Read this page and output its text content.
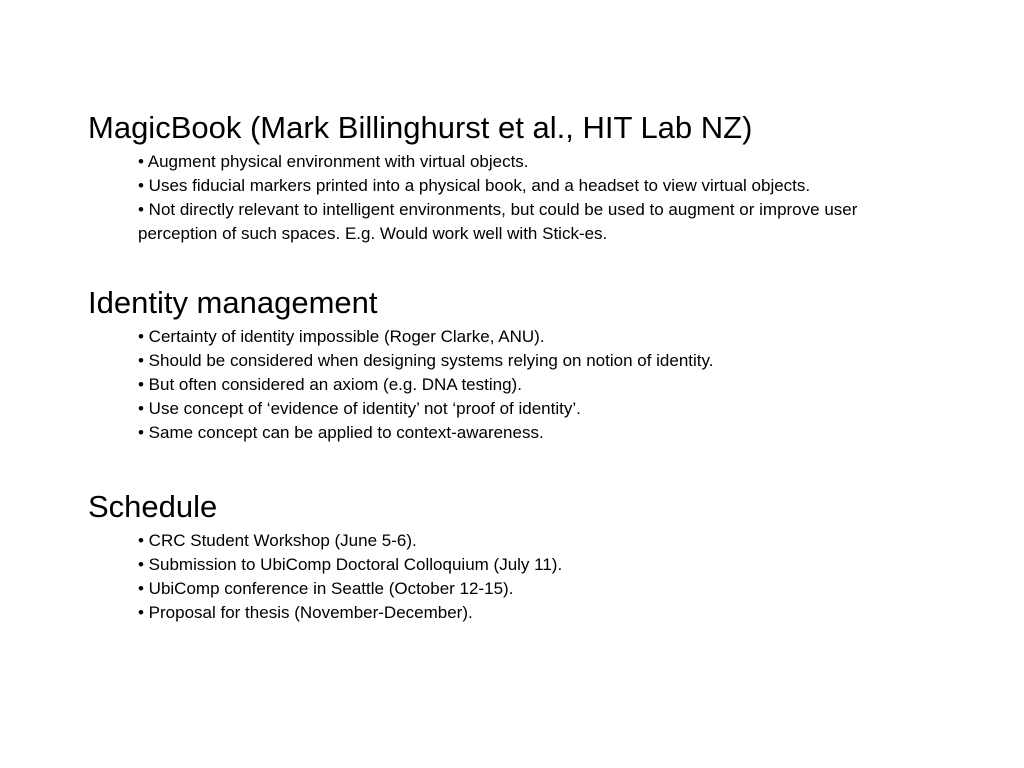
MagicBook (Mark Billinghurst et al., HIT Lab NZ)
• Augment physical environment with virtual objects.
• Uses fiducial markers printed into a physical book, and a headset to view virtual objects.
• Not directly relevant to intelligent environments, but could be used to augment or improve user perception of such spaces. E.g. Would work well with Stick-es.
Identity management
• Certainty of identity impossible (Roger Clarke, ANU).
• Should be considered when designing systems relying on notion of identity.
• But often considered an axiom (e.g. DNA testing).
• Use concept of ‘evidence of identity’ not ‘proof of identity’.
• Same concept can be applied to context-awareness.
Schedule
• CRC Student Workshop (June 5-6).
• Submission to UbiComp Doctoral Colloquium (July 11).
• UbiComp conference in Seattle (October 12-15).
• Proposal for thesis (November-December).
